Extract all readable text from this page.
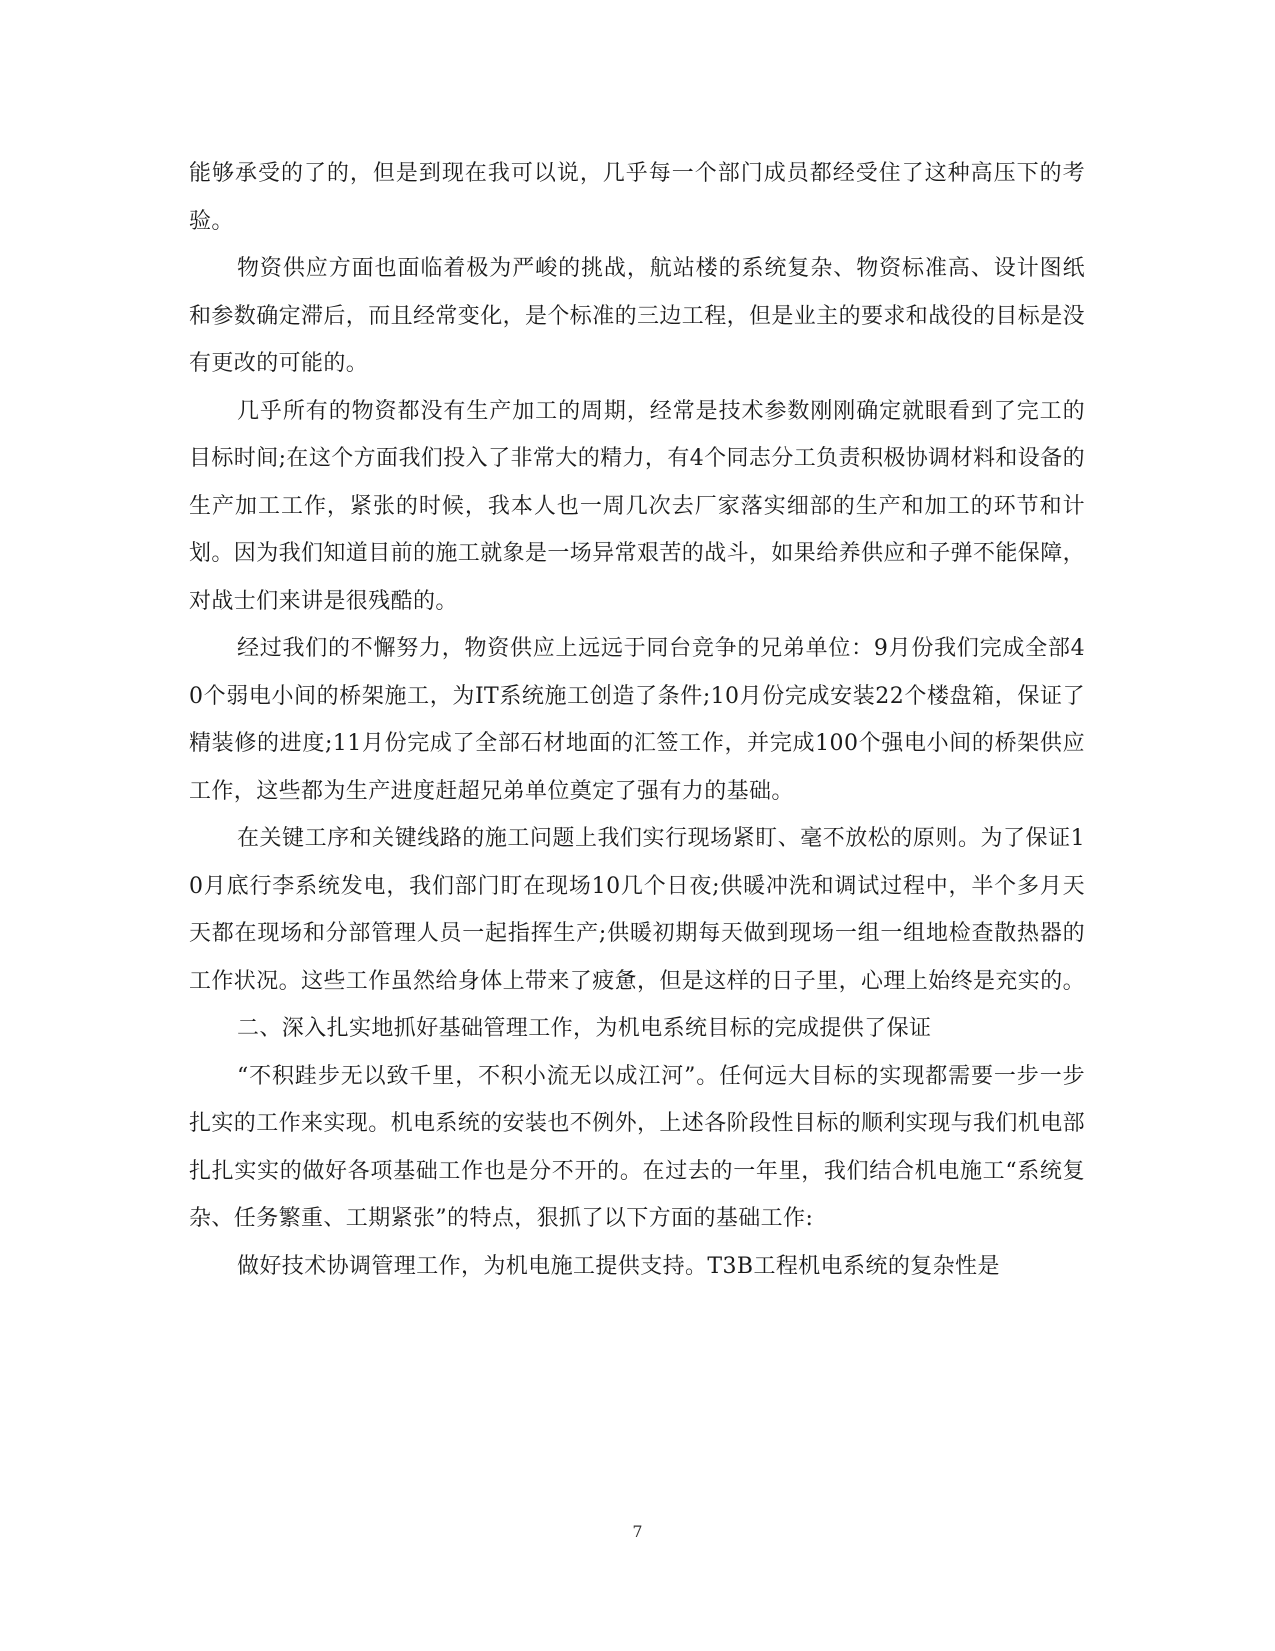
能够承受的了的，但是到现在我可以说，几乎每一个部门成员都经受住了这种高压下的考验。

物资供应方面也面临着极为严峻的挑战，航站楼的系统复杂、物资标准高、设计图纸和参数确定滞后，而且经常变化，是个标准的三边工程，但是业主的要求和战役的目标是没有更改的可能的。

几乎所有的物资都没有生产加工的周期，经常是技术参数刚刚确定就眼看到了完工的目标时间;在这个方面我们投入了非常大的精力，有4个同志分工负责积极协调材料和设备的生产加工工作，紧张的时候，我本人也一周几次去厂家落实细部的生产和加工的环节和计划。因为我们知道目前的施工就象是一场异常艰苦的战斗，如果给养供应和子弹不能保障，对战士们来讲是很残酷的。

经过我们的不懈努力，物资供应上远远于同台竞争的兄弟单位：9月份我们完成全部40个弱电小间的桥架施工，为IT系统施工创造了条件;10月份完成安装22个楼盘箱，保证了精装修的进度;11月份完成了全部石材地面的汇签工作，并完成100个强电小间的桥架供应工作，这些都为生产进度赶超兄弟单位奠定了强有力的基础。

在关键工序和关键线路的施工问题上我们实行现场紧盯、毫不放松的原则。为了保证10月底行李系统发电，我们部门盯在现场10几个日夜;供暖冲洗和调试过程中，半个多月天天都在现场和分部管理人员一起指挥生产;供暖初期每天做到现场一组一组地检查散热器的工作状况。这些工作虽然给身体上带来了疲惫，但是这样的日子里，心理上始终是充实的。

二、深入扎实地抓好基础管理工作，为机电系统目标的完成提供了保证

“不积跬步无以致千里，不积小流无以成江河”。任何远大目标的实现都需要一步一步扎实的工作来实现。机电系统的安装也不例外，上述各阶段性目标的顺利实现与我们机电部扎扎实实的做好各项基础工作也是分不开的。在过去的一年里，我们结合机电施工“系统复杂、任务繁重、工期紧张”的特点，狠抓了以下方面的基础工作:

做好技术协调管理工作，为机电施工提供支持。T3B工程机电系统的复杂性是

7
